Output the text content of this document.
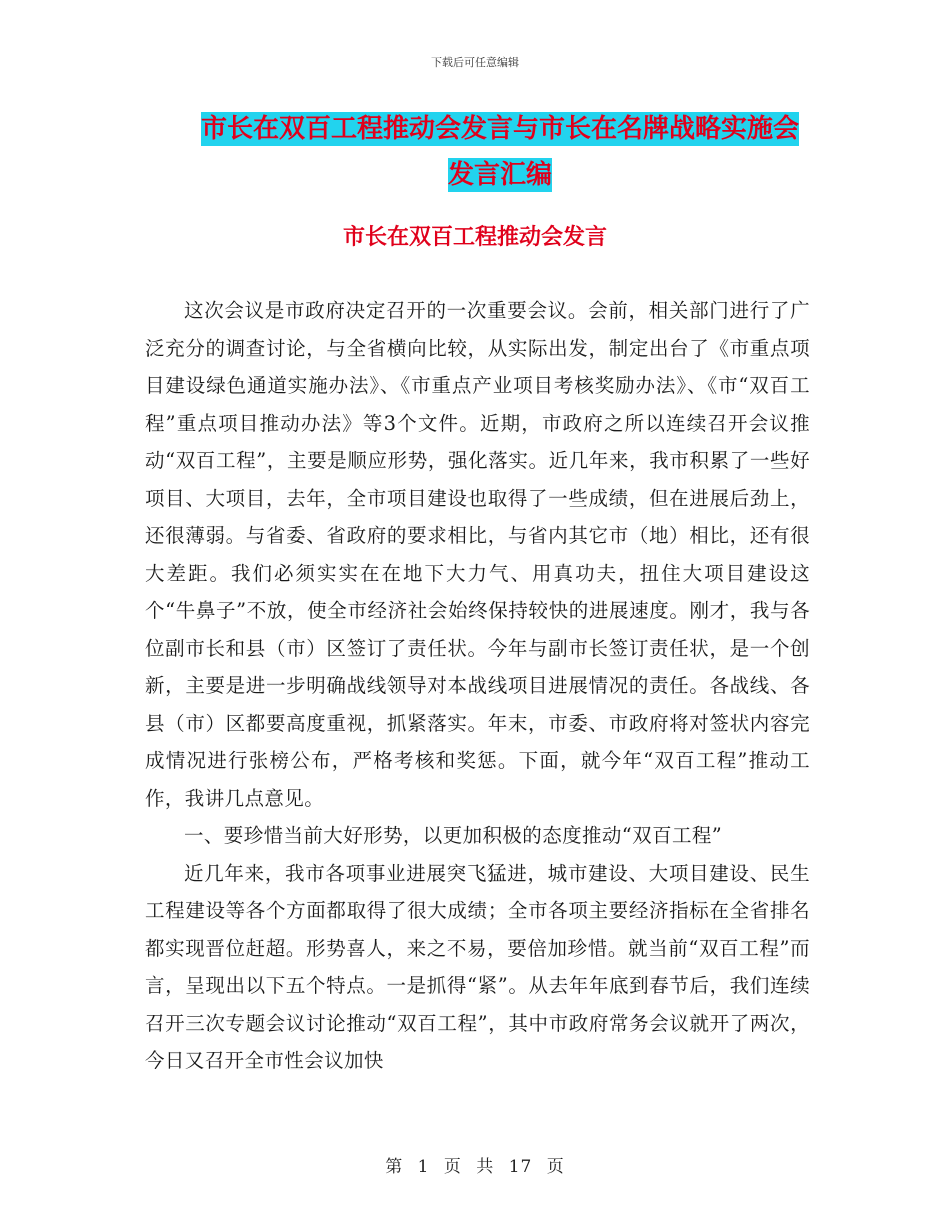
下载后可任意编辑
市长在双百工程推动会发言与市长在名牌战略实施会发言汇编
市长在双百工程推动会发言

这次会议是市政府决定召开的一次重要会议。会前，相关部门进行了广泛充分的调查讨论，与全省横向比较，从实际出发，制定出台了《市重点项目建设绿色通道实施办法》、《市重点产业项目考核奖励办法》、《市“双百工程”重点项目推动办法》等3个文件。近期，市政府之所以连续召开会议推动“双百工程”，主要是顺应形势，强化落实。近几年来，我市积累了一些好项目、大项目，去年，全市项目建设也取得了一些成绩，但在进展后劲上，还很薄弱。与省委、省政府的要求相比，与省内其它市（地）相比，还有很大差距。我们必须实实在在地下大力气、用真功夫，扭住大项目建设这个“牛鼻子”不放，使全市经济社会始终保持较快的进展速度。刚才，我与各位副市长和县（市）区签订了责任状。今年与副市长签订责任状，是一个创新，主要是进一步明确战线领导对本战线项目进展情况的责任。各战线、各县（市）区都要高度重视，抓紧落实。年末，市委、市政府将对签状内容完成情况进行张榜公布，严格考核和奖惩。下面，就今年“双百工程”推动工作，我讲几点意见。

一、要珍惜当前大好形势，以更加积极的态度推动“双百工程”

近几年来，我市各项事业进展突飞猛进，城市建设、大项目建设、民生工程建设等各个方面都取得了很大成绩；全市各项主要经济指标在全省排名都实现晋位赶超。形势喜人，来之不易，要倍加珍惜。就当前“双百工程”而言，呈现出以下五个特点。一是抓得“紧”。从去年年底到春节后，我们连续召开三次专题会议讨论推动“双百工程”，其中市政府常务会议就开了两次，今日又召开全市性会议加快

第 1 页 共 17 页
